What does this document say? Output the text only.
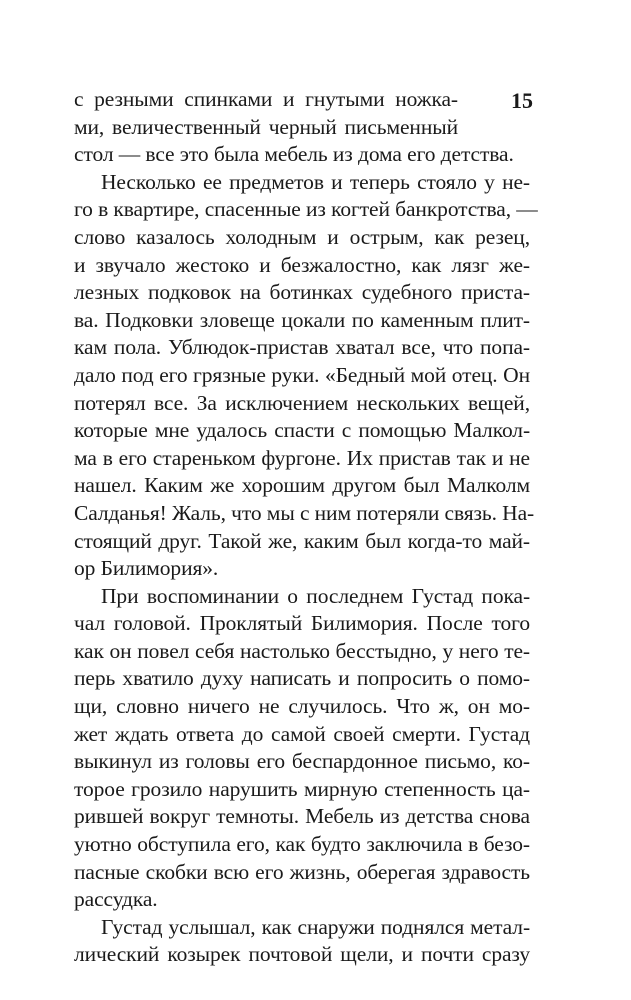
15
с резными спинками и гнутыми ножка-
ми, величественный черный письменный
стол — все это была мебель из дома его детства.
Несколько ее предметов и теперь стояло у не-
го в квартире, спасенные из когтей банкротства, —
слово казалось холодным и острым, как резец,
и звучало жестоко и безжалостно, как лязг же-
лезных подковок на ботинках судебного приста-
ва. Подковки зловеще цокали по каменным плит-
кам пола. Ублюдок-пристав хватал все, что попа-
дало под его грязные руки. «Бедный мой отец. Он
потерял все. За исключением нескольких вещей,
которые мне удалось спасти с помощью Малкол-
ма в его стареньком фургоне. Их пристав так и не
нашел. Каким же хорошим другом был Малколм
Салданья! Жаль, что мы с ним потеряли связь. На-
стоящий друг. Такой же, каким был когда-то май-
ор Билимория».
При воспоминании о последнем Густад пока-
чал головой. Проклятый Билимория. После того
как он повел себя настолько бесстыдно, у него те-
перь хватило духу написать и попросить о помо-
щи, словно ничего не случилось. Что ж, он мо-
жет ждать ответа до самой своей смерти. Густад
выкинул из головы его беспардонное письмо, ко-
торое грозило нарушить мирную степенность ца-
рившей вокруг темноты. Мебель из детства снова
уютно обступила его, как будто заключила в безо-
пасные скобки всю его жизнь, оберегая здравость
рассудка.
Густад услышал, как снаружи поднялся метал-
лический козырек почтовой щели, и почти сразу
